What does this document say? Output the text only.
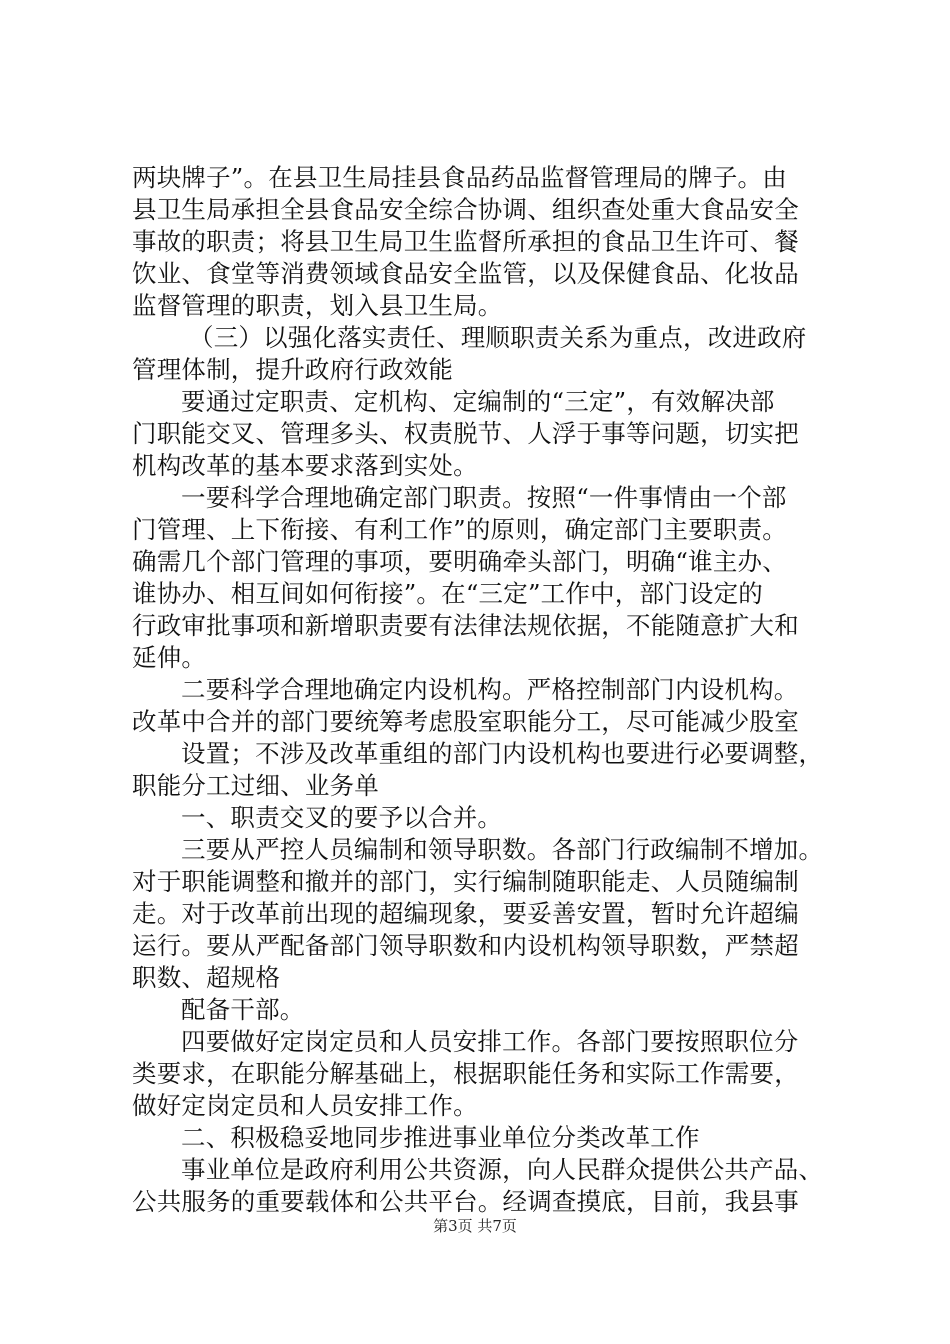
两块牌子”。在县卫生局挂县食品药品监督管理局的牌子。由
县卫生局承担全县食品安全综合协调、组织查处重大食品安全
事故的职责；将县卫生局卫生监督所承担的食品卫生许可、餐
饮业、食堂等消费领域食品安全监管，以及保健食品、化妆品
监督管理的职责，划入县卫生局。
（三）以强化落实责任、理顺职责关系为重点，改进政府
管理体制，提升政府行政效能
要通过定职责、定机构、定编制的“三定”，有效解决部
门职能交叉、管理多头、权责脱节、人浮于事等问题，切实把
机构改革的基本要求落到实处。
一要科学合理地确定部门职责。按照“一件事情由一个部
门管理、上下衔接、有利工作”的原则，确定部门主要职责。
确需几个部门管理的事项，要明确牵头部门，明确“谁主办、
谁协办、相互间如何衔接”。在“三定”工作中，部门设定的
行政审批事项和新增职责要有法律法规依据，不能随意扩大和
延伸。
二要科学合理地确定内设机构。严格控制部门内设机构。
改革中合并的部门要统筹考虑股室职能分工，尽可能减少股室
设置；不涉及改革重组的部门内设机构也要进行必要调整，
职能分工过细、业务单
一、职责交叉的要予以合并。
三要从严控人员编制和领导职数。各部门行政编制不增加。
对于职能调整和撤并的部门，实行编制随职能走、人员随编制
走。对于改革前出现的超编现象，要妥善安置，暂时允许超编
运行。要从严配备部门领导职数和内设机构领导职数，严禁超
职数、超规格
配备干部。
四要做好定岗定员和人员安排工作。各部门要按照职位分
类要求，在职能分解基础上，根据职能任务和实际工作需要，
做好定岗定员和人员安排工作。
二、积极稳妥地同步推进事业单位分类改革工作
事业单位是政府利用公共资源，向人民群众提供公共产品、
公共服务的重要载体和公共平台。经调查摸底，目前，我县事
第3页 共7页
